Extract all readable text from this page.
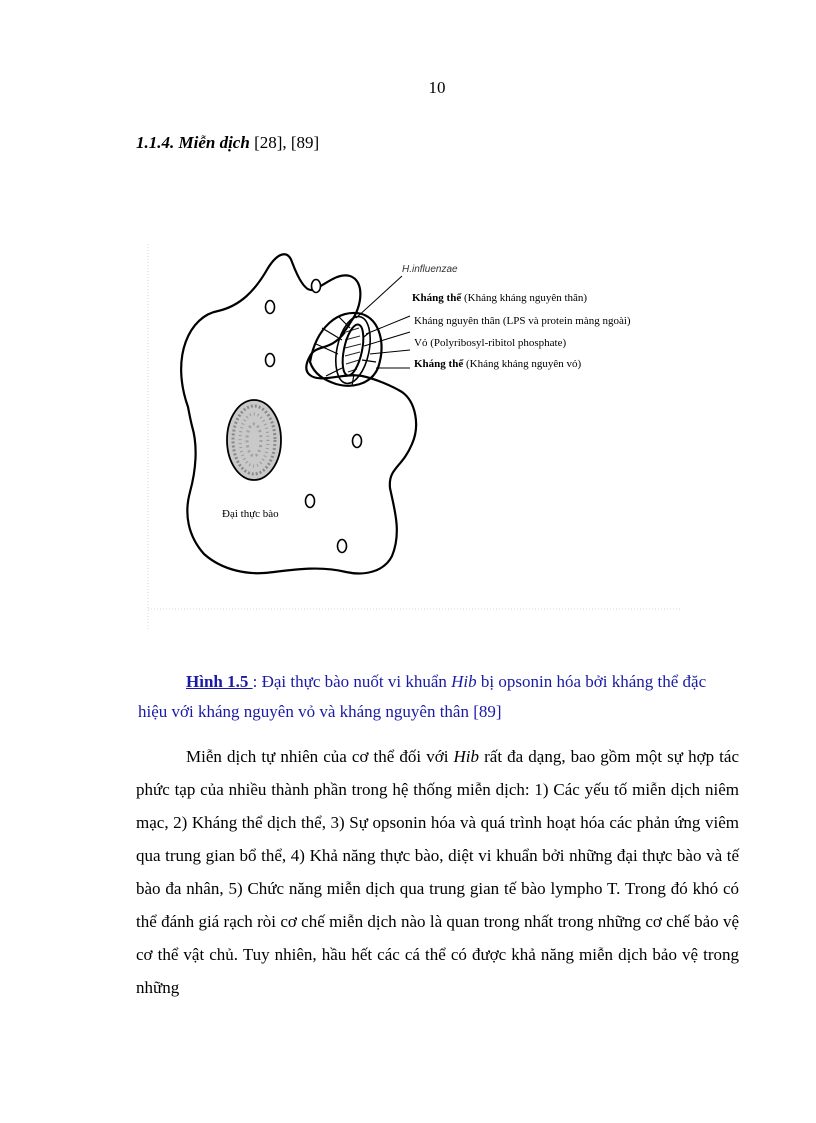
10
1.1.4. Miễn dịch [28], [89]
H.influenzae
Kháng thể (Kháng kháng nguyên thân)
Kháng nguyên thân (LPS và protein màng ngoài)
Vỏ (Polyribosyl-ribitol phosphate)
Kháng thể (Kháng kháng nguyên vỏ)
Đại thực bào
Hình 1.5 : Đại thực bào nuốt vi khuẩn Hib bị opsonin hóa bởi kháng thể đặc hiệu với kháng nguyên vỏ và kháng nguyên thân [89]
Miễn dịch tự nhiên của cơ thể đối với Hib rất đa dạng, bao gồm một sự hợp tác phức tạp của nhiều thành phần trong hệ thống miễn dịch: 1) Các yếu tố miễn dịch niêm mạc, 2) Kháng thể dịch thể, 3) Sự opsonin hóa và quá trình hoạt hóa các phản ứng viêm qua trung gian bổ thể, 4) Khả năng thực bào, diệt vi khuẩn bởi những đại thực bào và tế bào đa nhân, 5) Chức năng miễn dịch qua trung gian tế bào lympho T. Trong đó khó có thể đánh giá rạch ròi cơ chế miễn dịch nào là quan trong nhất trong những cơ chế bảo vệ cơ thể vật chủ. Tuy nhiên, hầu hết các cá thể có được khả năng miễn dịch bảo vệ trong những
